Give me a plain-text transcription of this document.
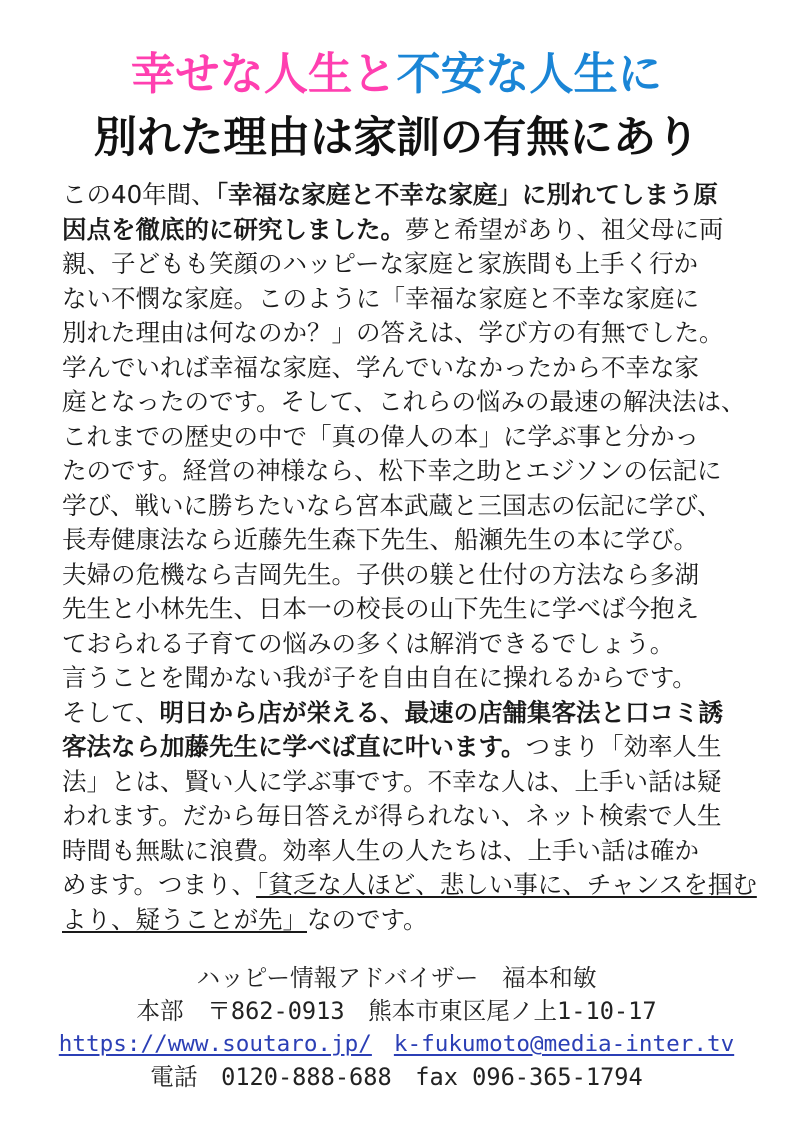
幸せな人生と不安な人生に
別れた理由は家訓の有無にあり
この40年間、「幸福な家庭と不幸な家庭」に別れてしまう原
因点を徹底的に研究しました。夢と希望があり、祖父母に両
親、子どもも笑顔のハッピーな家庭と家族間も上手く行か
ない不憫な家庭。このように「幸福な家庭と不幸な家庭に
別れた理由は何なのか？」の答えは、学び方の有無でした。
学んでいれば幸福な家庭、学んでいなかったから不幸な家
庭となったのです。そして、これらの悩みの最速の解決法は、
これまでの歴史の中で「真の偉人の本」に学ぶ事と分かっ
たのです。経営の神様なら、松下幸之助とエジソンの伝記に
学び、戦いに勝ちたいなら宮本武蔵と三国志の伝記に学び、
長寿健康法なら近藤先生森下先生、船瀬先生の本に学び。
夫婦の危機なら吉岡先生。子供の躾と仕付の方法なら多湖
先生と小林先生、日本一の校長の山下先生に学べば今抱え
ておられる子育ての悩みの多くは解消できるでしょう。
言うことを聞かない我が子を自由自在に操れるからです。
そして、明日から店が栄える、最速の店舗集客法と口コミ誘
客法なら加藤先生に学べば直に叶います。つまり「効率人生
法」とは、賢い人に学ぶ事です。不幸な人は、上手い話は疑
われます。だから毎日答えが得られない、ネット検索で人生
時間も無駄に浪費。効率人生の人たちは、上手い話は確か
めます。つまり、「貧乏な人ほど、悲しい事に、チャンスを掴む
より、疑うことが先」なのです。
ハッピー情報アドバイザー　福本和敏
本部　〒862-0913　熊本市東区尾ノ上1-10-17
https://www.soutaro.jp/ k-fukumoto@media-inter.tv
電話　0120-888-688　fax 096-365-1794
